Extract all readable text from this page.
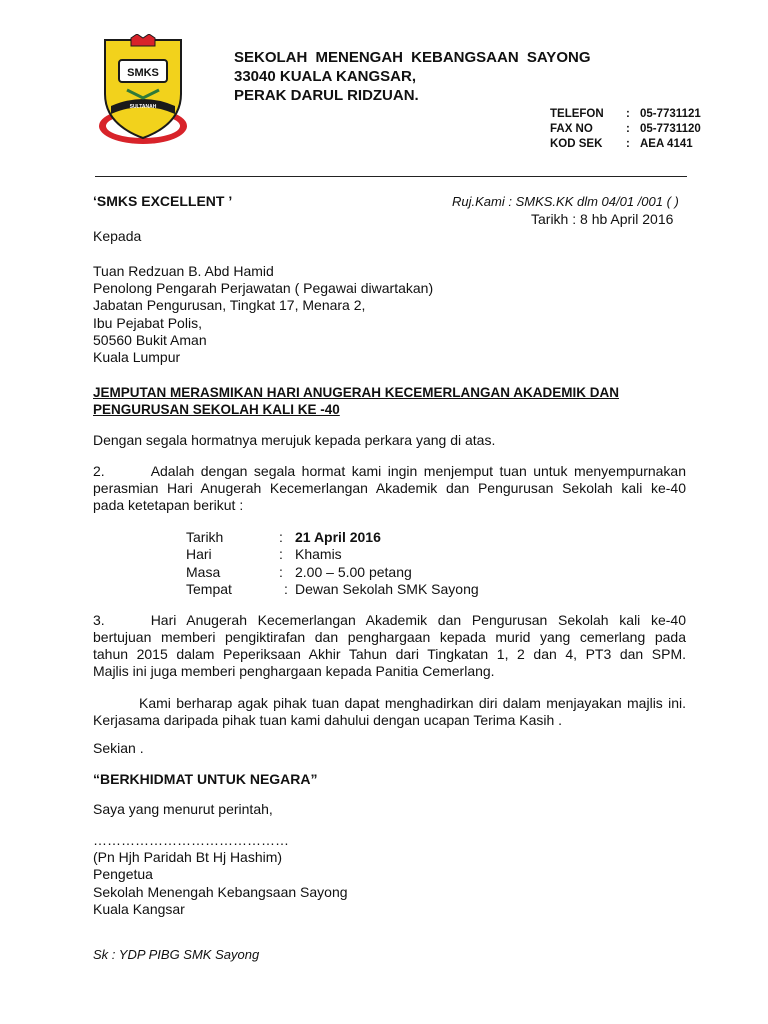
SMKS
SULTANAH
SEKOLAH MENENGAH KEBANGSAAN SAYONG
33040 KUALA KANGSAR,
PERAK DARUL RIDZUAN.
TELEFON	: 05-7731121
FAX NO	: 05-7731120
KOD SEK	: AEA 4141
‘SMKS EXCELLENT ’	Ruj.Kami : SMKS.KK dlm 04/01 /001 ( )
Tarikh : 8 hb April 2016
Kepada
Tuan Redzuan B. Abd Hamid
Penolong Pengarah Perjawatan ( Pegawai diwartakan)
Jabatan Pengurusan, Tingkat 17, Menara 2,
Ibu Pejabat Polis,
50560 Bukit Aman
Kuala Lumpur
JEMPUTAN MERASMIKAN HARI ANUGERAH KECEMERLANGAN AKADEMIK DAN
PENGURUSAN SEKOLAH KALI KE -40
Dengan segala hormatnya merujuk kepada perkara yang di atas.
2.	Adalah dengan segala hormat kami ingin menjemput tuan untuk menyempurnakan
perasmian Hari Anugerah Kecemerlangan Akademik dan Pengurusan Sekolah kali ke-40
pada ketetapan berikut :
Tarikh	: 21 April 2016
Hari	: Khamis
Masa	: 2.00 – 5.00 petang
Tempat	: Dewan Sekolah SMK Sayong
3.	Hari Anugerah Kecemerlangan Akademik dan Pengurusan Sekolah kali ke-40
bertujuan memberi pengiktirafan dan penghargaan kepada murid yang cemerlang pada
tahun 2015 dalam Peperiksaan Akhir Tahun dari Tingkatan 1, 2 dan 4, PT3 dan SPM.
Majlis ini juga memberi penghargaan kepada Panitia Cemerlang.
Kami berharap agak pihak tuan dapat menghadirkan diri dalam menjayakan majlis ini.
Kerjasama daripada pihak tuan kami dahului dengan ucapan Terima Kasih .
Sekian .
“BERKHIDMAT UNTUK NEGARA”
Saya yang menurut perintah,
……………………………………
(Pn Hjh Paridah Bt Hj Hashim)
Pengetua
Sekolah Menengah Kebangsaan Sayong
Kuala Kangsar
Sk : YDP PIBG SMK Sayong
